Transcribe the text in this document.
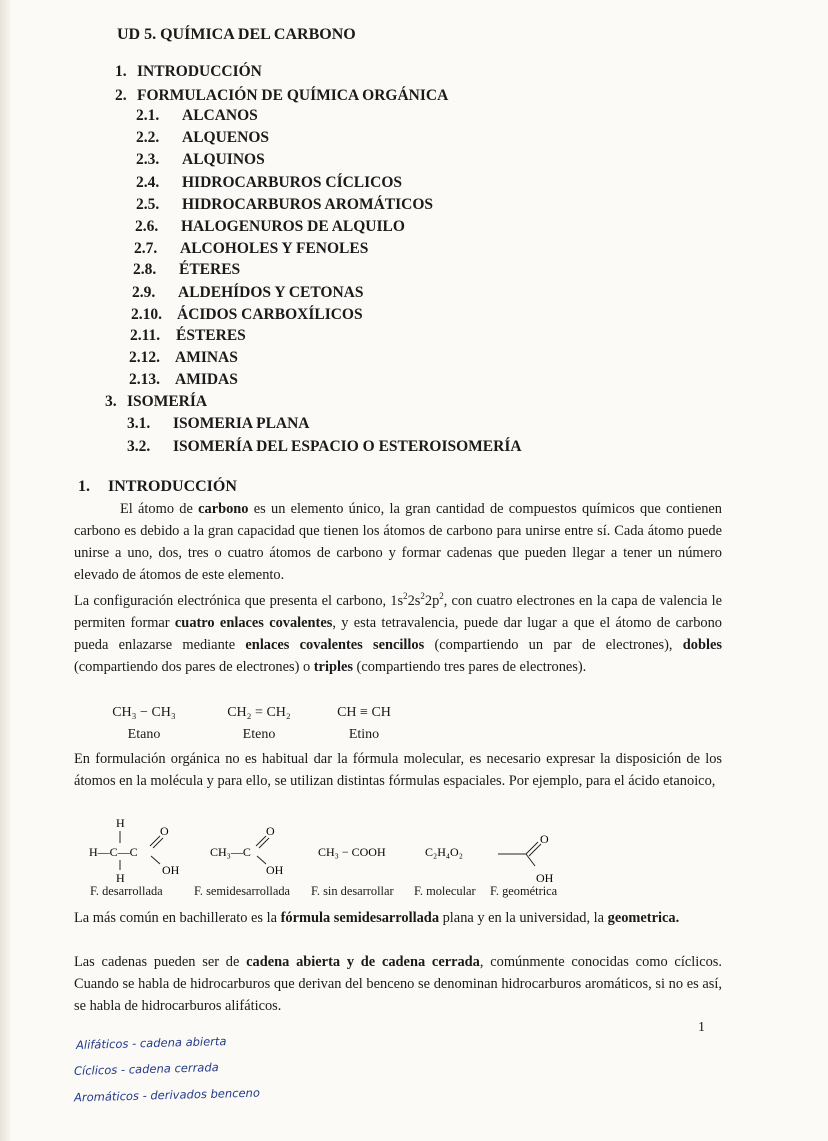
UD 5. QUÍMICA DEL CARBONO
1. INTRODUCCIÓN
2. FORMULACIÓN DE QUÍMICA ORGÁNICA
2.1. ALCANOS
2.2. ALQUENOS
2.3. ALQUINOS
2.4. HIDROCARBUROS CÍCLICOS
2.5. HIDROCARBUROS AROMÁTICOS
2.6. HALOGENUROS DE ALQUILO
2.7. ALCOHOLES Y FENOLES
2.8. ÉTERES
2.9. ALDEHÍDOS Y CETONAS
2.10. ÁCIDOS CARBOXÍLICOS
2.11. ÉSTERES
2.12. AMINAS
2.13. AMIDAS
3. ISOMERÍA
3.1. ISOMERIA PLANA
3.2. ISOMERÍA DEL ESPACIO O ESTEROISOMERÍA
1. INTRODUCCIÓN
El átomo de carbono es un elemento único, la gran cantidad de compuestos químicos que contienen carbono es debido a la gran capacidad que tienen los átomos de carbono para unirse entre sí. Cada átomo puede unirse a uno, dos, tres o cuatro átomos de carbono y formar cadenas que pueden llegar a tener un número elevado de átomos de este elemento.
La configuración electrónica que presenta el carbono, $1s^22s^22p^2$, con cuatro electrones en la capa de valencia le permiten formar cuatro enlaces covalentes, y esta tetravalencia, puede dar lugar a que el átomo de carbono pueda enlazarse mediante enlaces covalentes sencillos (compartiendo un par de electrones), dobles (compartiendo dos pares de electrones) o triples (compartiendo tres pares de electrones).
CH₃ − CH₃
Etano
CH₂ = CH₂
Eteno
CH ≡ CH
Etino
En formulación orgánica no es habitual dar la fórmula molecular, es necesario expresar la disposición de los átomos en la molécula y para ello, se utilizan distintas fórmulas espaciales. Por ejemplo, para el ácido etanoico,
H
H—C—C
H
O
OH
CH₃—C
O
OH
CH₃ − COOH	C₂H₄O₂
O
OH
F. desarrollada	F. semidesarrollada F. sin desarrollar F. molecular F. geométrica
La más común en bachillerato es la fórmula semidesarrollada plana y en la universidad, la geometrica.
Las cadenas pueden ser de cadena abierta y de cadena cerrada, comúnmente conocidas como cíclicos. Cuando se habla de hidrocarburos que derivan del benceno se denominan hidrocarburos aromáticos, si no es así, se habla de hidrocarburos alifáticos.
1
Alifáticos - cadena abierta
Cíclicos - cadena cerrada
Aromáticos - derivados benceno
